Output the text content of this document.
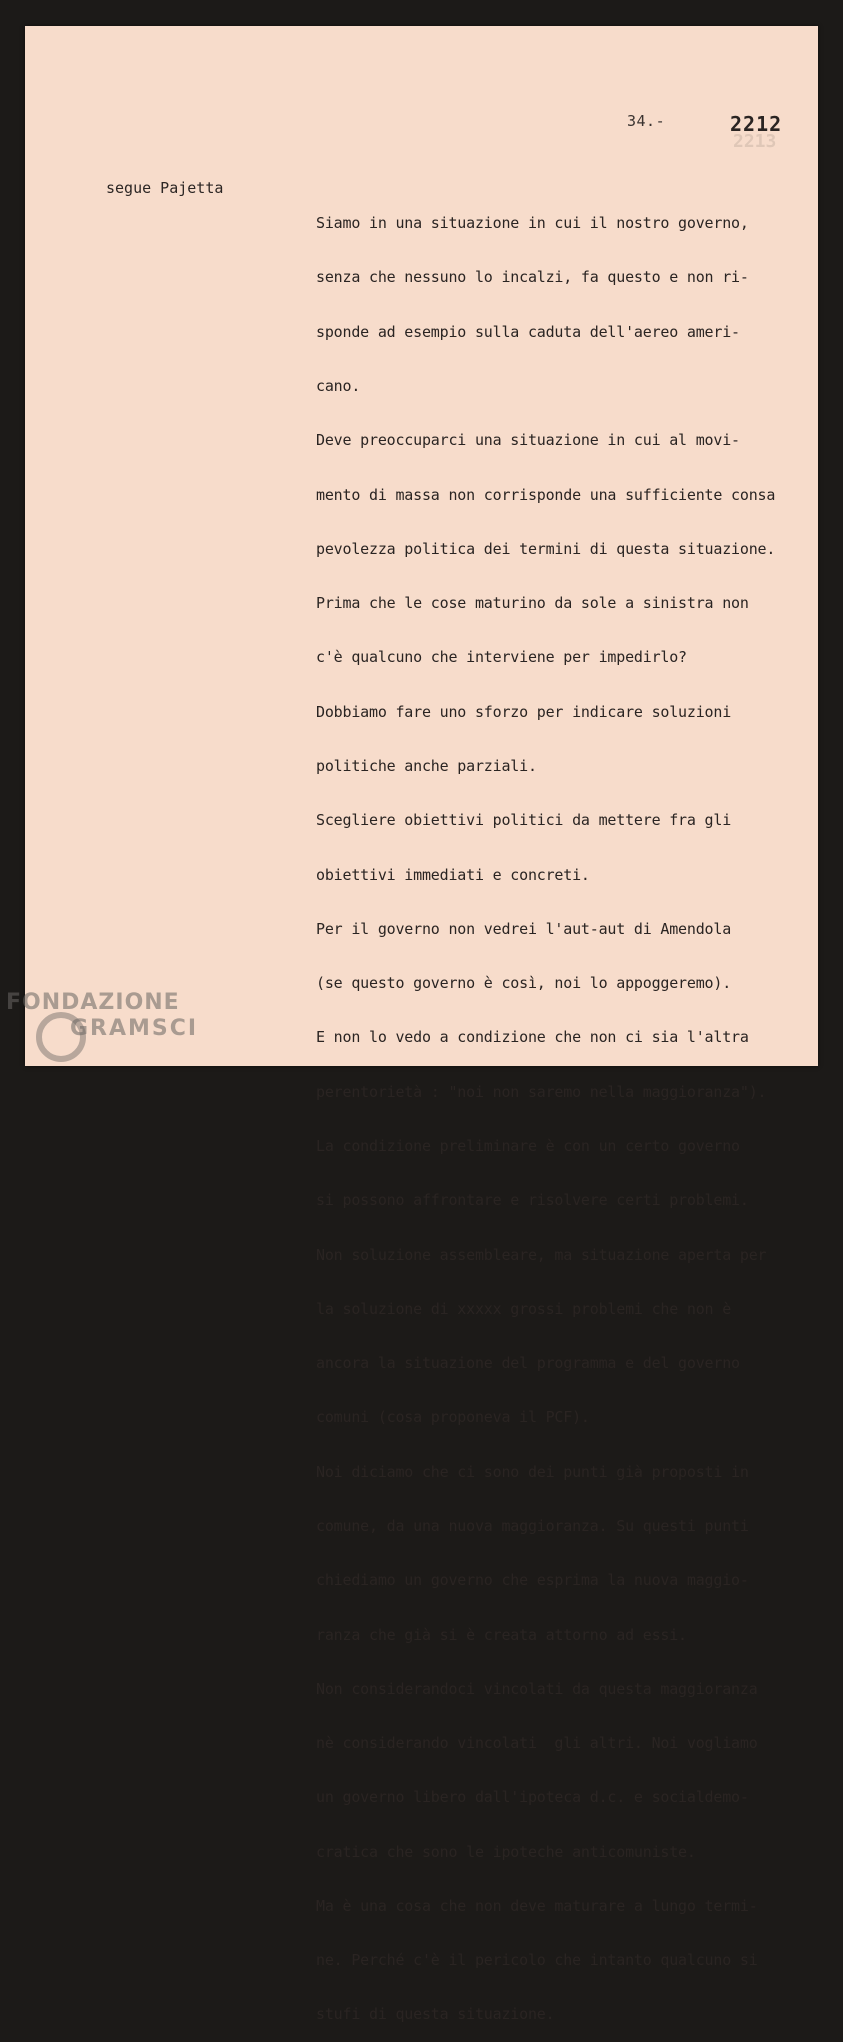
2213
34.-	2212
segue Pajetta

Siamo in una situazione in cui il nostro governo,

senza che nessuno lo incalzi, fa questo e non ri-

sponde ad esempio sulla caduta dell'aereo ameri-

cano.

Deve preoccuparci una situazione in cui al movi-

mento di massa non corrisponde una sufficiente consa

pevolezza politica dei termini di questa situazione.

Prima che le cose maturino da sole a sinistra non

c'è qualcuno che interviene per impedirlo?

Dobbiamo fare uno sforzo per indicare soluzioni

politiche anche parziali.

Scegliere obiettivi politici da mettere fra gli

obiettivi immediati e concreti.

Per il governo non vedrei l'aut-aut di Amendola

(se questo governo è così, noi lo appoggeremo).

E non lo vedo a condizione che non ci sia l'altra

perentorietà : "noi non saremo nella maggioranza").

La condizione preliminare è con un certo governo

si possono affrontare e risolvere certi problemi.

Non soluzione assembleare, ma situazione aperta per

la soluzione di xxxxx grossi problemi che non è

ancora la situazione del programma e del governo

comuni (cosa proponeva il PCF).

Noi diciamo che ci sono dei punti già proposti in

comune, da una nuova maggioranza. Su questi punti

chiediamo un governo che esprima la nuova maggio-

ranza che già si è creata attorno ad essi.

Non considerandoci vincolati da questa maggioranza

nè considerando vincolati  gli altri. Noi vogliamo

un governo libero dall'ipoteca d.c. e socialdemo-

cratica che sono le ipoteche anticomuniste.

Ma è una cosa che non deve maturare a lungo termi-

ne. Perché c'è il pericolo che intanto qualcuno si

stufi di questa situazione.

FONDAZIONE
GRAMSCI
